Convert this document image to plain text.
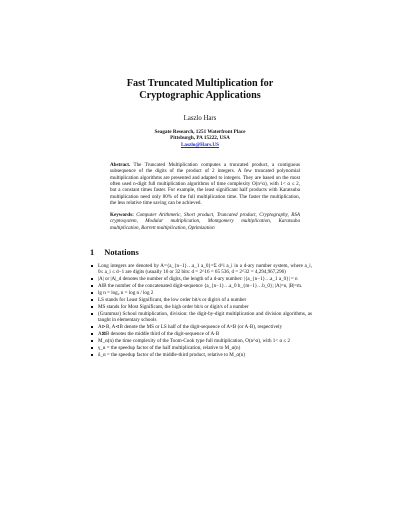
Fast Truncated Multiplication for
Cryptographic Applications
Laszlo Hars
Seagate Research, 1251 Waterfront Place
Pittsburgh, PA 15222, USA
Laszlo@Hars.US
Abstract. The Truncated Multiplication computes a truncated product, a contiguous subsequence of the digits of the product of 2 integers. A few truncated polynomial multiplication algorithms are presented and adapted to integers. They are based on the most often used n-digit full multiplication algorithms of time complexity O(n^α), with 1< α ≤ 2, but a constant times faster. For example, the least significant half products with Karatsuba multiplication need only 80% of the full multiplication time. The faster the multiplication, the less relative time saving can be achieved.
Keywords: Computer Arithmetic, Short product, Truncated product, Cryptography, RSA cryptosystem, Modular multiplication, Montgomery multiplication, Karatsuba multiplication, Barrett multiplication, Optimization
1 Notations
Long integers are denoted by A={a_{n−1}…a_1 a_0}=Σ d^i a_i in a d-ary number system, where a_i, 0≤ a_i ≤ d−1 are digits (usually 16 or 32 bits: d = 2^16 = 65 536, d = 2^32 = 4,294,967,296)
|A| or |A|_d denotes the number of digits, the length of a d-ary number: |{a_{n−1}…a_1 a_0}| = n
A‖B the number of the concatenated digit-sequence {a_{n−1}…a_0 b_{m−1}…b_0}; |A|=n, |B|=m.
lg n = log₂ n = log n / log 2
LS stands for Least Significant, the low order bit/s or digit/s of a number
MS stands for Most Significant, the high order bit/s or digit/s of a number
(Grammar) School multiplication, division: the digit-by-digit multiplication and division algorithms, as taught in elementary schools
A⊳B, A⊲B denote the MS or LS half of the digit-sequence of A×B (or A·B), respectively
A⊠B denotes the middle third of the digit-sequence of A·B
M_α(n) the time complexity of the Toom-Cook type full multiplication, O(n^α), with 1< α ≤ 2
γ_α = the speedup factor of the half multiplication, relative to M_α(n)
δ_α = the speedup factor of the middle-third product, relative to M_α(n)
